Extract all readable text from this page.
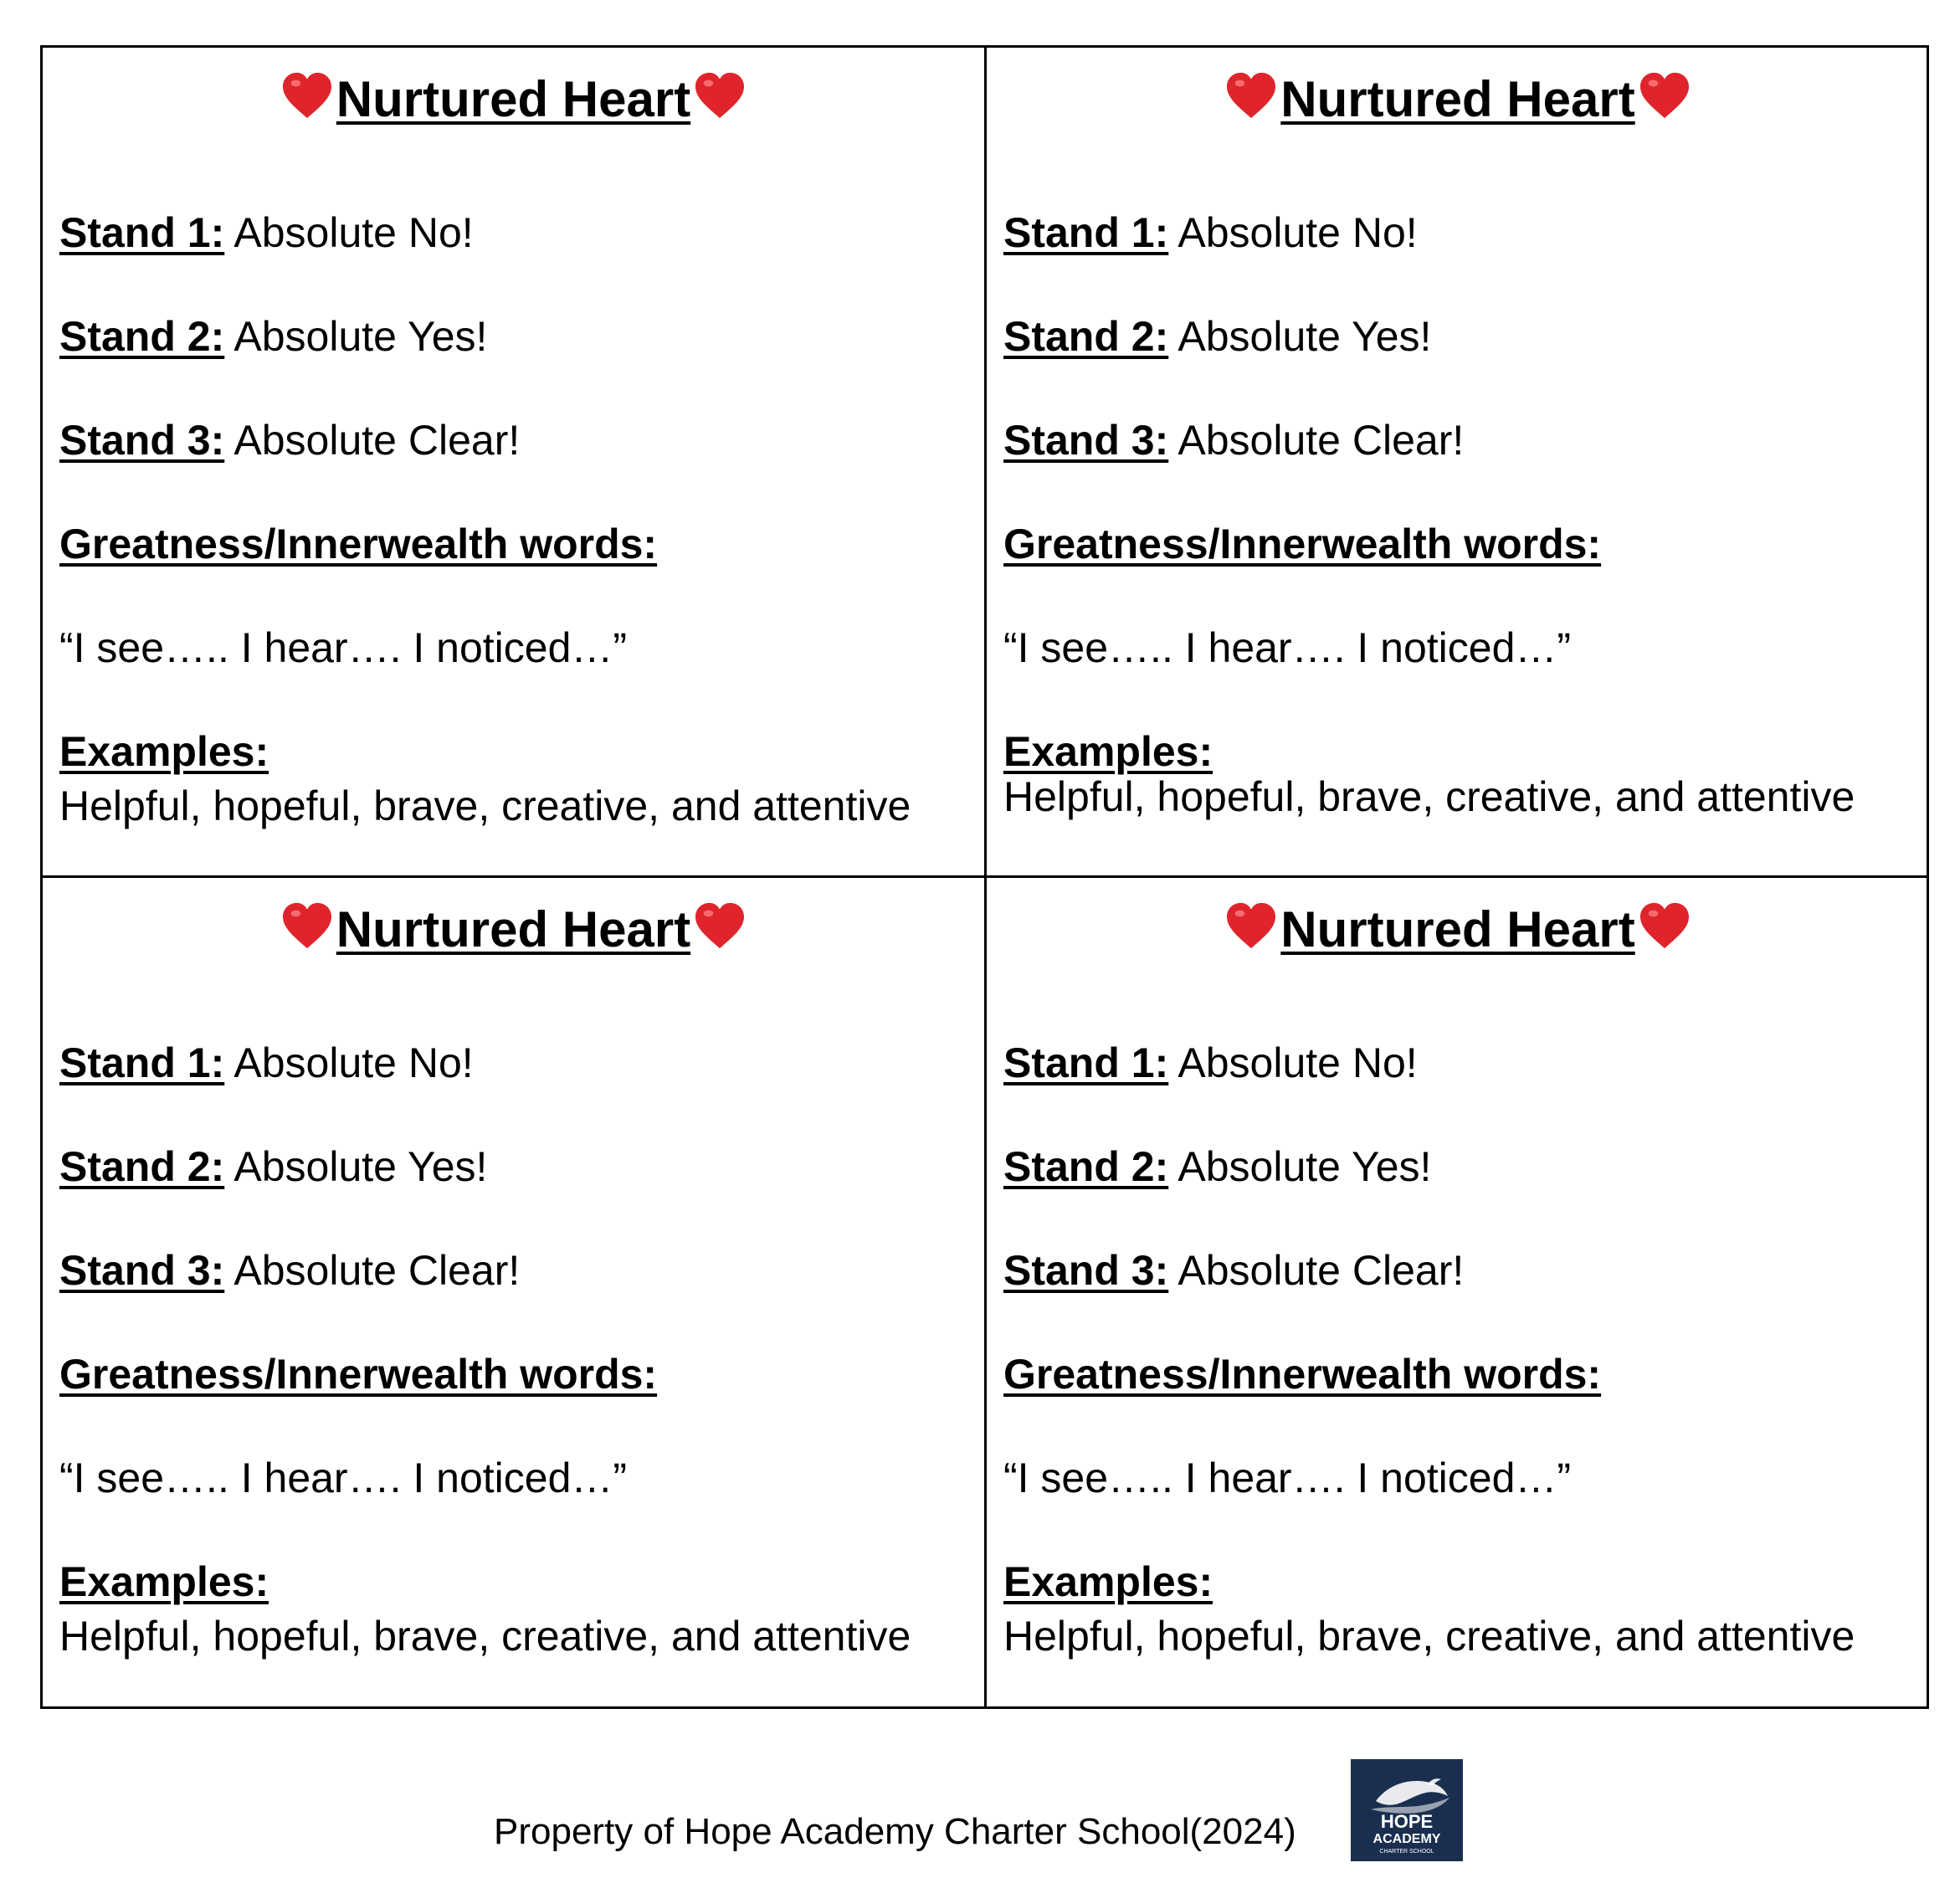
Nurtured Heart
Stand 1: Absolute No!
Stand 2: Absolute Yes!
Stand 3: Absolute Clear!
Greatness/Innerwealth words:
“I see….. I hear…. I noticed…”
Examples:
Helpful, hopeful, brave, creative, and attentive
Nurtured Heart
Stand 1: Absolute No!
Stand 2: Absolute Yes!
Stand 3: Absolute Clear!
Greatness/Innerwealth words:
“I see….. I hear…. I noticed…”
Examples:
Helpful, hopeful, brave, creative, and attentive
Nurtured Heart
Stand 1: Absolute No!
Stand 2: Absolute Yes!
Stand 3: Absolute Clear!
Greatness/Innerwealth words:
“I see….. I hear…. I noticed…”
Examples:
Helpful, hopeful, brave, creative, and attentive
Nurtured Heart
Stand 1: Absolute No!
Stand 2: Absolute Yes!
Stand 3: Absolute Clear!
Greatness/Innerwealth words:
“I see….. I hear…. I noticed…”
Examples:
Helpful, hopeful, brave, creative, and attentive
Property of Hope Academy Charter School(2024)	HOPE
ACADEMY
CHARTER SCHOOL
